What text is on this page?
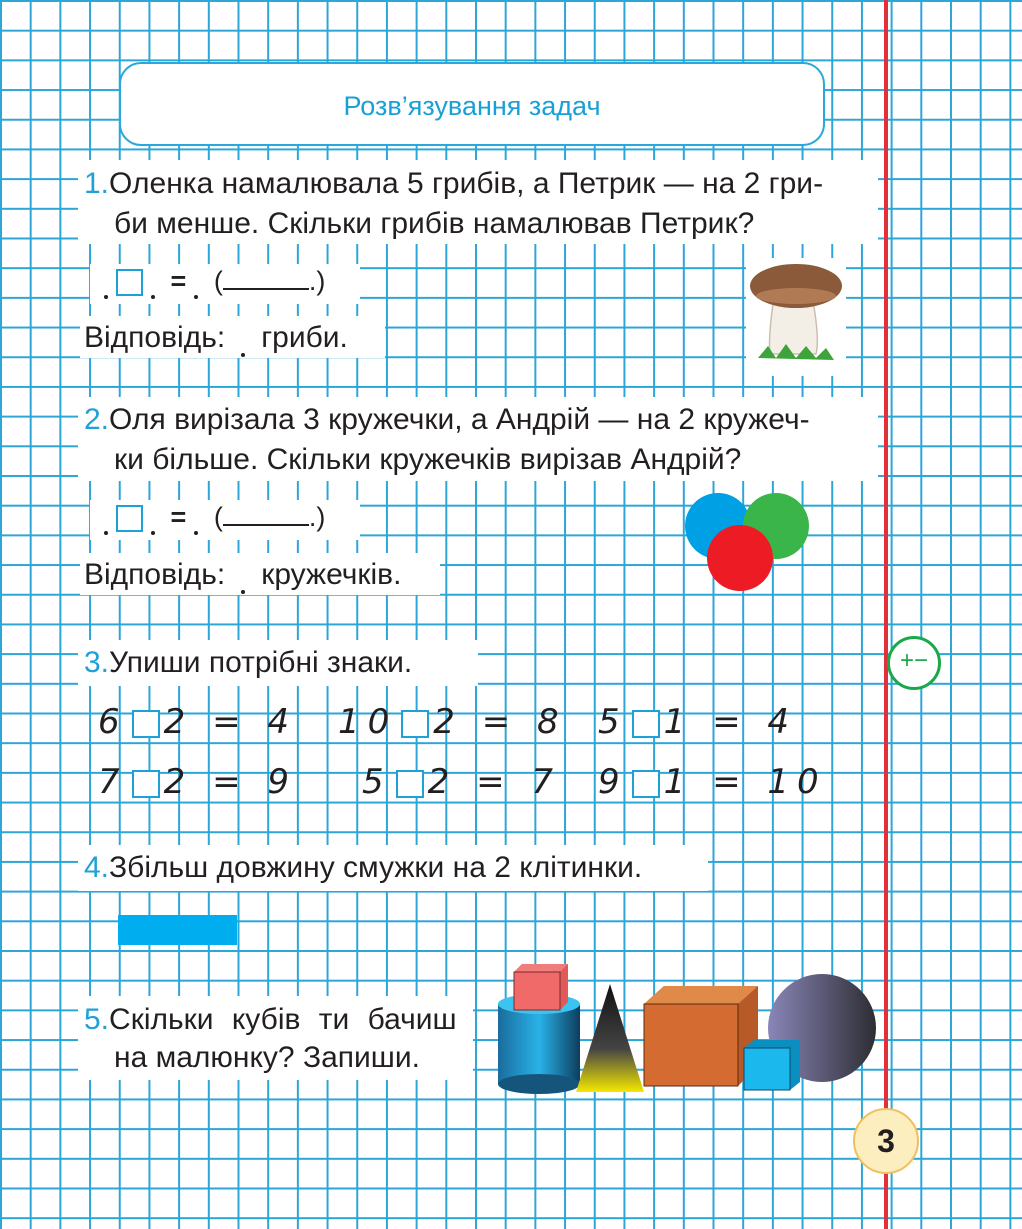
Розв’язування задач
1.Оленка намалювала 5 грибів, а Петрик — на 2 гри-
би менше. Скільки грибів намалював Петрик?
= (	.)
Відповідь: гриби.
2.Оля вирізала 3 кружечки, а Андрій — на 2 кружеч-
ки більше. Скільки кружечків вирізав Андрій?
= (	.)
Відповідь: кружечків.
3.Упиши потрібні знаки.
6 2 = 4 10 2 = 8 5 1 = 4
7 2 = 9 5 2 = 7 9 1 = 10
4.Збільш довжину смужки на 2 клітинки.
5.Скільки кубів ти бачиш
на малюнку? Запиши.
+−
3
